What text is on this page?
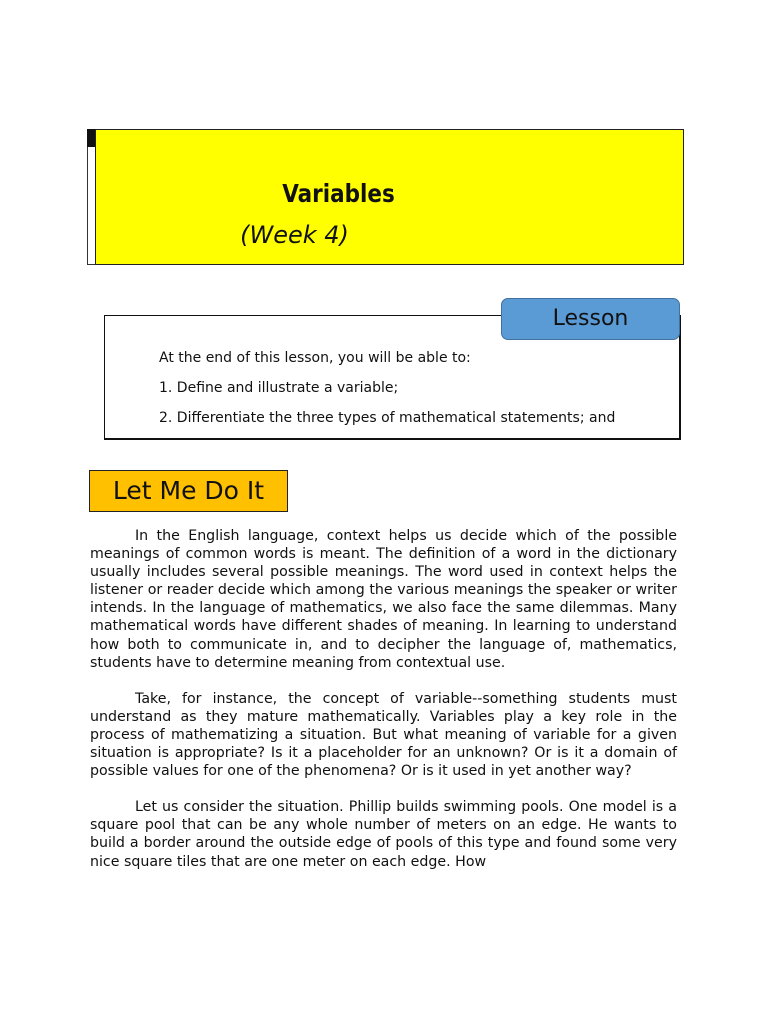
Variables
(Week 4)
At the end of this lesson, you will be able to:
1. Define and illustrate a variable;
2. Differentiate the three types of mathematical statements; and
Lesson
Let Me Do It

In the English language, context helps us decide which of the possible meanings of common words is meant. The definition of a word in the dictionary usually includes several possible meanings. The word used in context helps the listener or reader decide which among the various meanings the speaker or writer intends. In the language of mathematics, we also face the same dilemmas. Many mathematical words have different shades of meaning. In learning to understand how both to communicate in, and to decipher the language of, mathematics, students have to determine meaning from contextual use.

Take, for instance, the concept of variable--something students must understand as they mature mathematically. Variables play a key role in the process of mathematizing a situation. But what meaning of variable for a given situation is appropriate? Is it a placeholder for an unknown? Or is it a domain of possible values for one of the phenomena? Or is it used in yet another way?

Let us consider the situation. Phillip builds swimming pools. One model is a square pool that can be any whole number of meters on an edge. He wants to build a border around the outside edge of pools of this type and found some very nice square tiles that are one meter on each edge. How
